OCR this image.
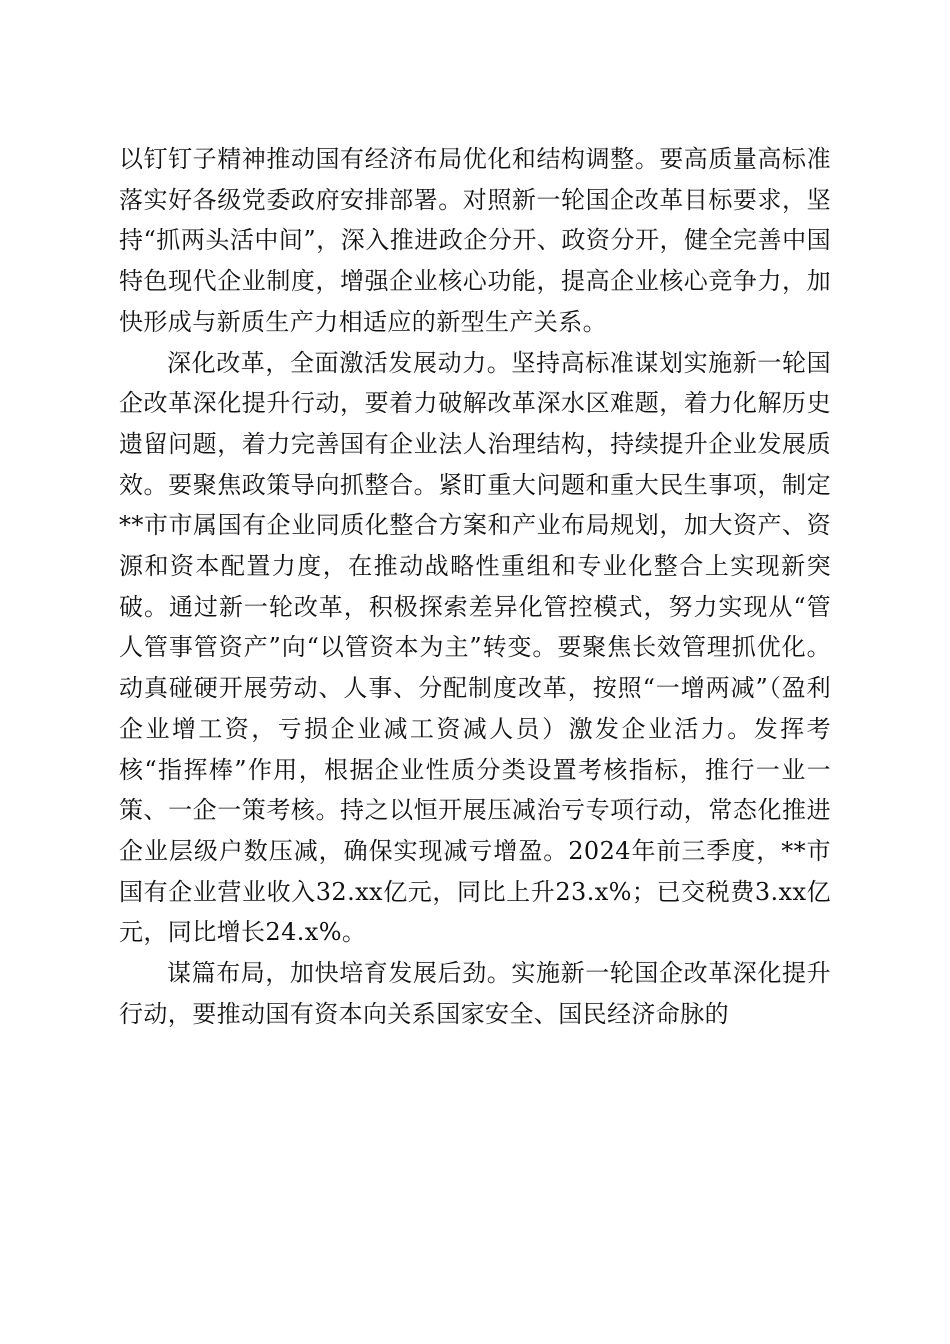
以钉钉子精神推动国有经济布局优化和结构调整。要高质量高标准落实好各级党委政府安排部署。对照新一轮国企改革目标要求，坚持“抓两头活中间”，深入推进政企分开、政资分开，健全完善中国特色现代企业制度，增强企业核心功能，提高企业核心竞争力，加快形成与新质生产力相适应的新型生产关系。

深化改革，全面激活发展动力。坚持高标准谋划实施新一轮国企改革深化提升行动，要着力破解改革深水区难题，着力化解历史遗留问题，着力完善国有企业法人治理结构，持续提升企业发展质效。要聚焦政策导向抓整合。紧盯重大问题和重大民生事项，制定**市市属国有企业同质化整合方案和产业布局规划，加大资产、资源和资本配置力度，在推动战略性重组和专业化整合上实现新突破。通过新一轮改革，积极探索差异化管控模式，努力实现从“管人管事管资产”向“以管资本为主”转变。要聚焦长效管理抓优化。动真碰硬开展劳动、人事、分配制度改革，按照“一增两减”（盈利企业增工资，亏损企业减工资减人员）激发企业活力。发挥考核“指挥棒”作用，根据企业性质分类设置考核指标，推行一业一策、一企一策考核。持之以恒开展压减治亏专项行动，常态化推进企业层级户数压减，确保实现减亏增盈。2024年前三季度，**市国有企业营业收入32.xx亿元，同比上升23.x%；已交税费3.xx亿元，同比增长24.x%。

谋篇布局，加快培育发展后劲。实施新一轮国企改革深化提升行动，要推动国有资本向关系国家安全、国民经济命脉的
